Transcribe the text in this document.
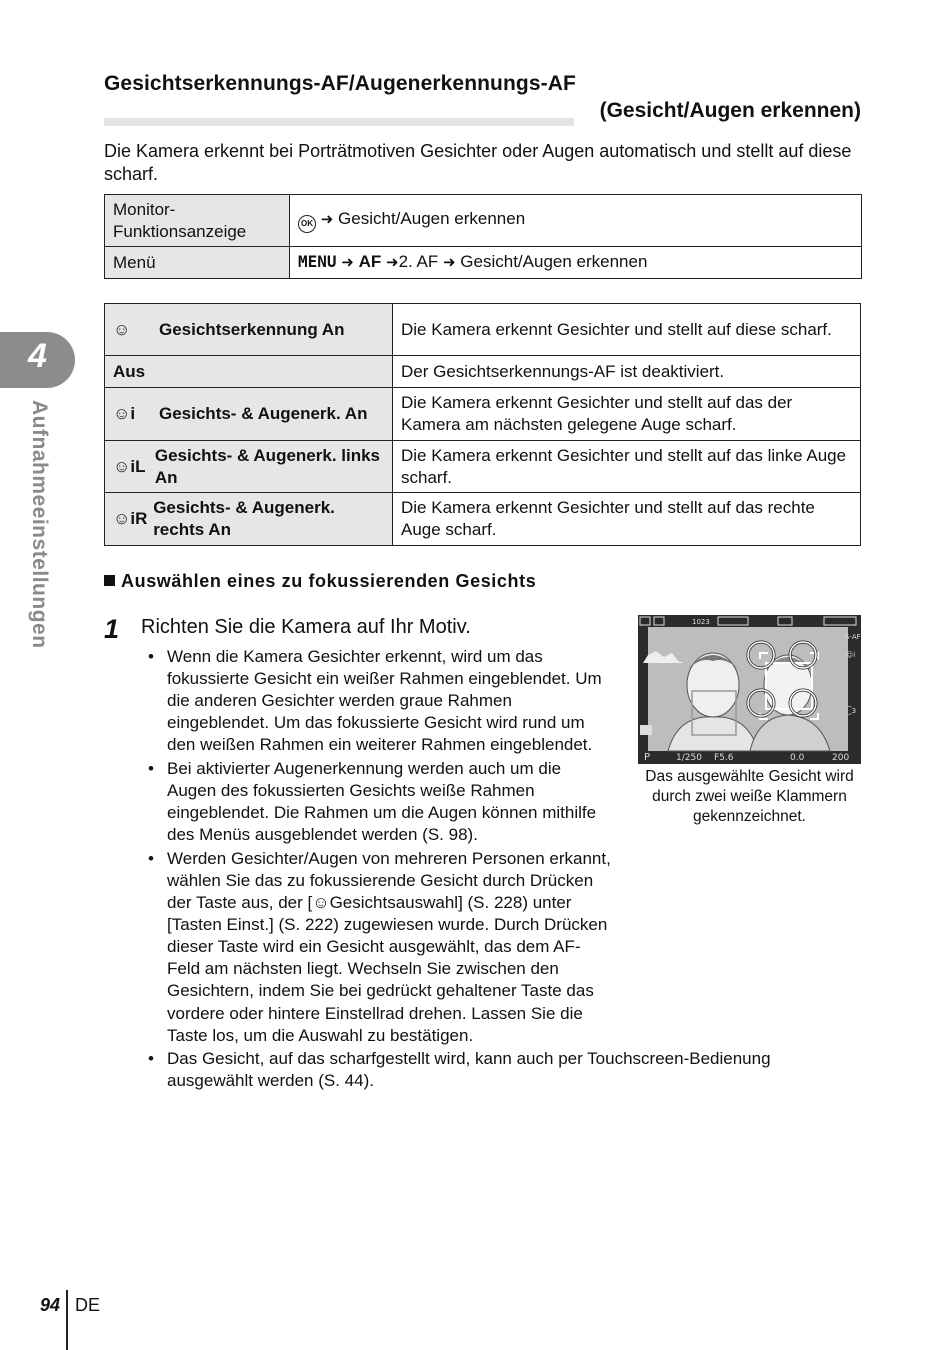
Gesichtserkennungs-AF/Augenerkennungs-AF
(Gesicht/Augen erkennen)
Die Kamera erkennt bei Porträtmotiven Gesichter oder Augen automatisch und stellt auf diese scharf.
Monitor-
Funktionsanzeige	OK ➜ Gesicht/Augen erkennen
Menü	MENU ➜ AF ➜2. AF ➜ Gesicht/Augen erkennen
☺ Gesichtserkennung An	Die Kamera erkennt Gesichter und stellt auf diese scharf.
Aus	Der Gesichtserkennungs-AF ist deaktiviert.

☺i Gesichts- & Augenerk. An	Die Kamera erkennt Gesichter und stellt auf das der Kamera am nächsten gelegene Auge scharf.

☺iL
Gesichts- & Augenerk. links An	Die Kamera erkennt Gesichter und stellt auf das linke Auge scharf.

☺iR
Gesichts- & Augenerk. rechts An	Die Kamera erkennt Gesichter und stellt auf das rechte Auge scharf.
4
Aufnahmeeinstellungen	Auswählen eines zu fokussierenden Gesichts
1 Richten Sie die Kamera auf Ihr Motiv.
• Wenn die Kamera Gesichter erkennt, wird um das fokussierte Gesicht ein weißer Rahmen eingeblendet. Um die anderen Gesichter werden graue Rahmen eingeblendet. Um das fokussierte Gesicht wird rund um den weißen Rahmen ein weiterer Rahmen eingeblendet.
• Bei aktivierter Augenerkennung werden auch um die Augen des fokussierten Gesichts weiße Rahmen eingeblendet. Die Rahmen um die Augen können mithilfe des Menüs ausgeblendet werden (S. 98).
• Werden Gesichter/Augen von mehreren Personen erkannt, wählen Sie das zu fokussierende Gesicht durch Drücken der Taste aus, der [☺Gesichtsauswahl] (S. 228) unter [Tasten Einst.] (S. 222) zugewiesen wurde. Durch Drücken dieser Taste wird ein Gesicht ausgewählt, das dem AF-Feld am nächsten liegt. Wechseln Sie zwischen den Gesichtern, indem Sie bei gedrückt gehaltener Taste das vordere oder hintere Einstellrad drehen. Lassen Sie die Taste los, um die Auswahl zu bestätigen.
• Das Gesicht, auf das scharfgestellt wird, kann auch per Touchscreen-Bedienung ausgewählt werden (S. 44).
1023
S-AF
☺i
⁐3
P	1/250 F5.6	0.0	200
Das ausgewählte Gesicht wird durch zwei weiße Klammern gekennzeichnet.
94 DE
